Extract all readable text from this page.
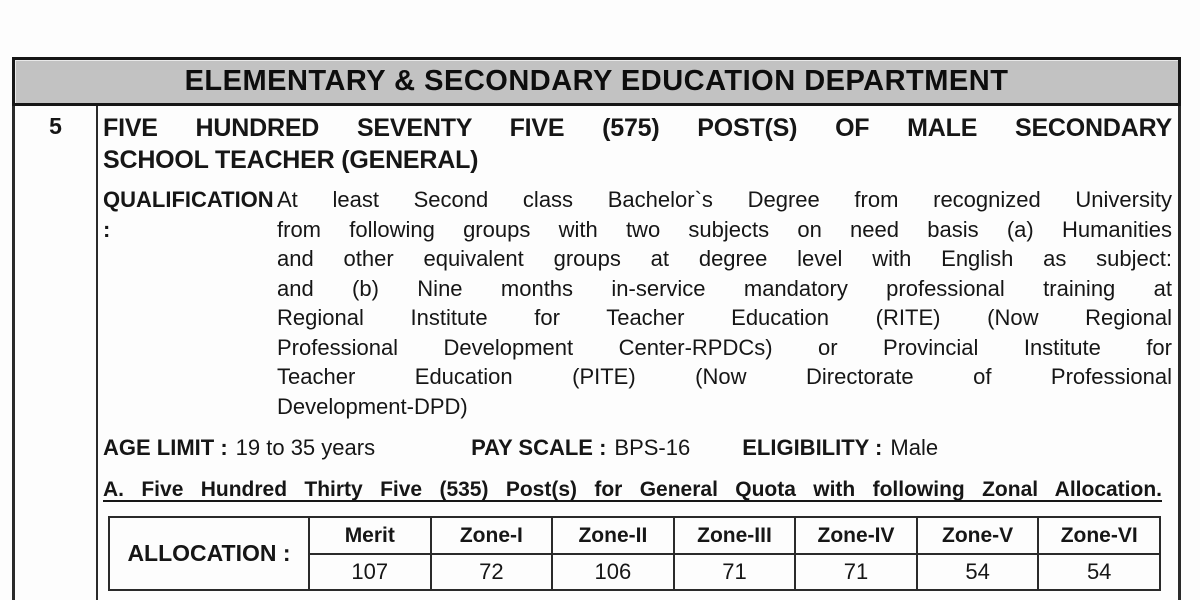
ELEMENTARY & SECONDARY EDUCATION DEPARTMENT
5	FIVE HUNDRED SEVENTY FIVE (575) POST(S) OF MALE SECONDARY
SCHOOL TEACHER (GENERAL)
QUALIFICATION :
At least Second class Bachelor`s Degree from recognized University
from following groups with two subjects on need basis (a) Humanities
and other equivalent groups at degree level with English as subject:
and (b) Nine months in-service mandatory professional training at
Regional Institute for Teacher Education (RITE) (Now Regional
Professional Development Center-RPDCs) or Provincial Institute for
Teacher Education (PITE) (Now Directorate of Professional
Development-DPD)
AGE LIMIT : 19 to 35 years	PAY SCALE : BPS-16 ELIGIBILITY : Male
A. Five Hundred Thirty Five (535) Post(s) for General Quota with following Zonal Allocation.
ALLOCATION :	Merit	Zone-I	Zone-II	Zone-III	Zone-IV	Zone-V	Zone-VI
	107	72	106	71	71	54	54
